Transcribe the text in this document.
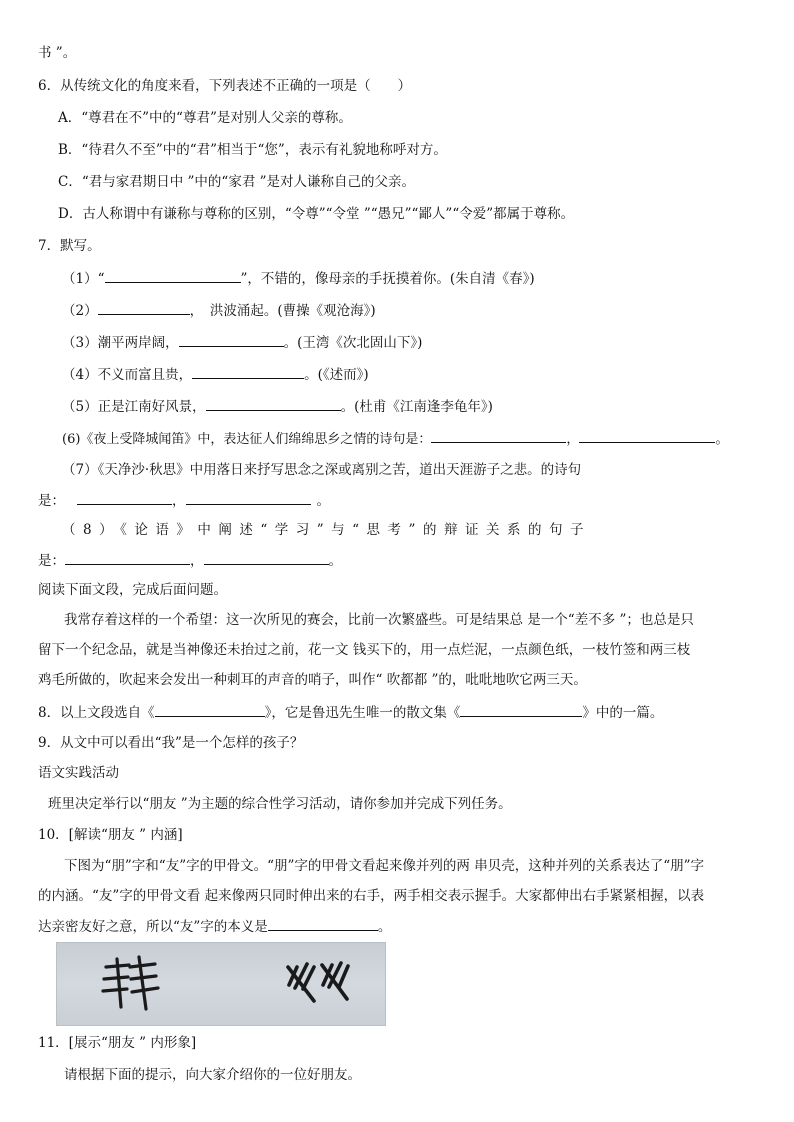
书 ”。
6．从传统文化的角度来看，下列表述不正确的一项是（　　）
A．“尊君在不”中的“尊君”是对别人父亲的尊称。
B．“待君久不至”中的“君”相当于“您”，表示有礼貌地称呼对方。
C．“君与家君期日中 ”中的“家君 ”是对人谦称自己的父亲。
D．古人称谓中有谦称与尊称的区别，“令尊”“令堂 ”“愚兄”“鄙人”“令爱”都属于尊称。
7．默写。
（1）“	”，不错的，像母亲的手抚摸着你。(朱自清《春》)
（2）	，　洪波涌起。(曹操《观沧海》)
（3）潮平两岸阔，	。(王湾《次北固山下》)
（4）不义而富且贵，	。(《述而》)
（5）正是江南好风景，	。(杜甫《江南逢李龟年》)
(6)《夜上受降城闻笛》中，表达征人们绵绵思乡之情的诗句是：	，	。
（7）《天净沙·秋思》中用落日来抒写思念之深或离别之苦，道出天涯游子之悲。的诗句
是：	，	。
（8）《论语》中阐述“学习”与“思考”的辩证关系的句子
是：	，	。
阅读下面文段，完成后面问题。
我常存着这样的一个希望：这一次所见的赛会，比前一次繁盛些。可是结果总 是一个“差不多 ”；也总是只
留下一个纪念品，就是当神像还未抬过之前，花一文 钱买下的，用一点烂泥，一点颜色纸，一枝竹签和两三枝
鸡毛所做的，吹起来会发出一种刺耳的声音的哨子，叫作“ 吹都都 ”的，吡吡地吹它两三天。
8．以上文段选自《	》，它是鲁迅先生唯一的散文集《	》中的一篇。
9．从文中可以看出“我”是一个怎样的孩子？
语文实践活动
班里决定举行以“朋友 ”为主题的综合性学习活动，请你参加并完成下列任务。
10．[解读“朋友 ” 内涵]
下图为“朋”字和“友”字的甲骨文。“朋”字的甲骨文看起来像并列的两 串贝壳，这种并列的关系表达了“朋”字
的内涵。“友”字的甲骨文看 起来像两只同时伸出来的右手，两手相交表示握手。大家都伸出右手紧紧相握，以表
达亲密友好之意，所以“友”字的本义是	。
11．[展示“朋友 ” 内形象]
请根据下面的提示，向大家介绍你的一位好朋友。
